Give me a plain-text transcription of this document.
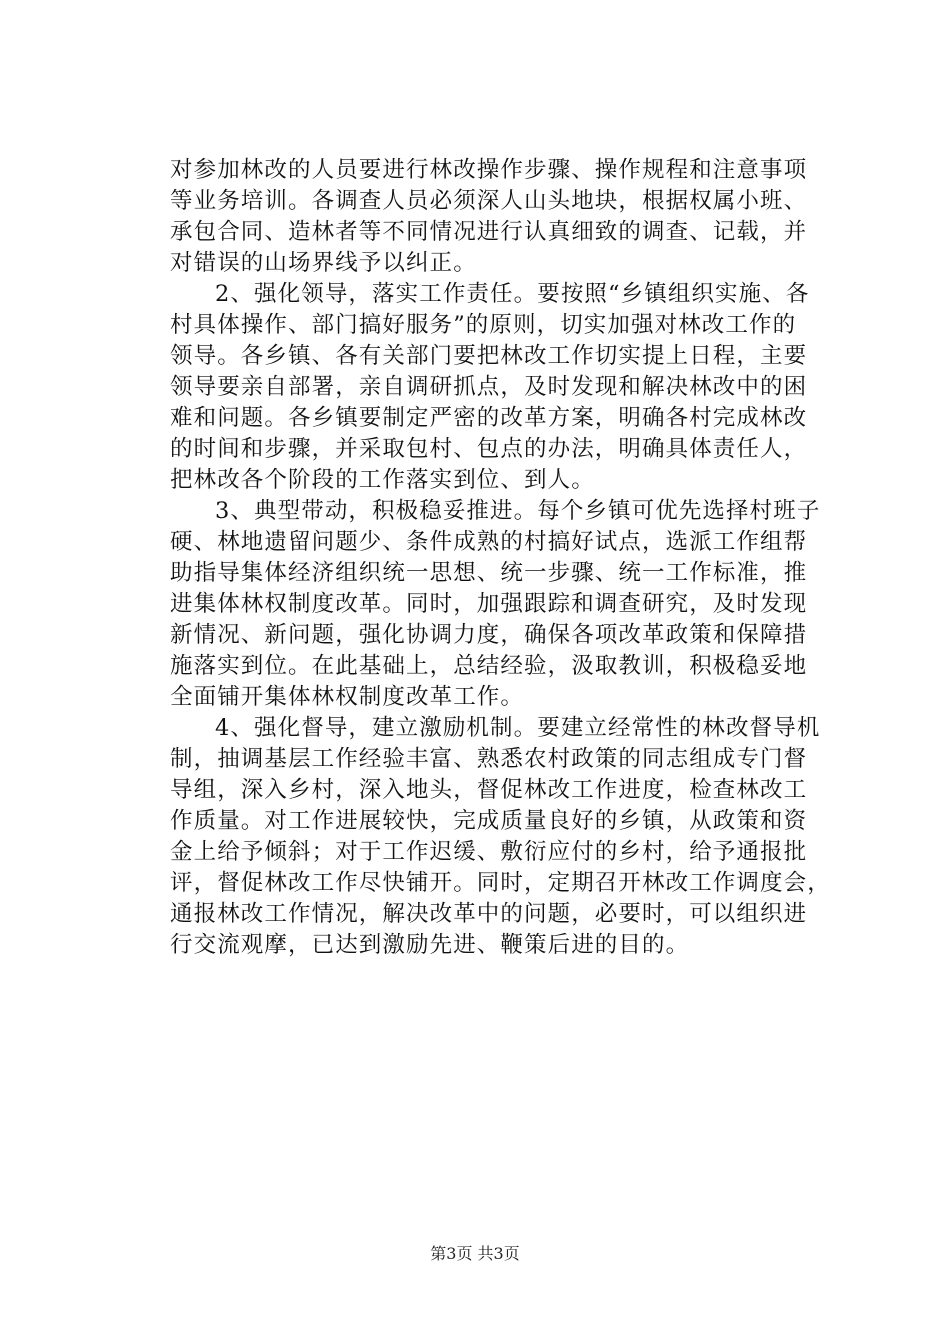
对参加林改的人员要进行林改操作步骤、操作规程和注意事项
等业务培训。各调查人员必须深人山头地块，根据权属小班、
承包合同、造林者等不同情况进行认真细致的调查、记载，并
对错误的山场界线予以纠正。
2、强化领导，落实工作责任。要按照“乡镇组织实施、各
村具体操作、部门搞好服务”的原则，切实加强对林改工作的
领导。各乡镇、各有关部门要把林改工作切实提上日程，主要
领导要亲自部署，亲自调研抓点，及时发现和解决林改中的困
难和问题。各乡镇要制定严密的改革方案，明确各村完成林改
的时间和步骤，并采取包村、包点的办法，明确具体责任人，
把林改各个阶段的工作落实到位、到人。
3、典型带动，积极稳妥推进。每个乡镇可优先选择村班子
硬、林地遗留问题少、条件成熟的村搞好试点，选派工作组帮
助指导集体经济组织统一思想、统一步骤、统一工作标准，推
进集体林权制度改革。同时，加强跟踪和调查研究，及时发现
新情况、新问题，强化协调力度，确保各项改革政策和保障措
施落实到位。在此基础上，总结经验，汲取教训，积极稳妥地
全面铺开集体林权制度改革工作。
4、强化督导，建立激励机制。要建立经常性的林改督导机
制，抽调基层工作经验丰富、熟悉农村政策的同志组成专门督
导组，深入乡村，深入地头，督促林改工作进度，检查林改工
作质量。对工作进展较快，完成质量良好的乡镇，从政策和资
金上给予倾斜；对于工作迟缓、敷衍应付的乡村，给予通报批
评，督促林改工作尽快铺开。同时，定期召开林改工作调度会，
通报林改工作情况，解决改革中的问题，必要时，可以组织进
行交流观摩，已达到激励先进、鞭策后进的目的。
第3页 共3页
